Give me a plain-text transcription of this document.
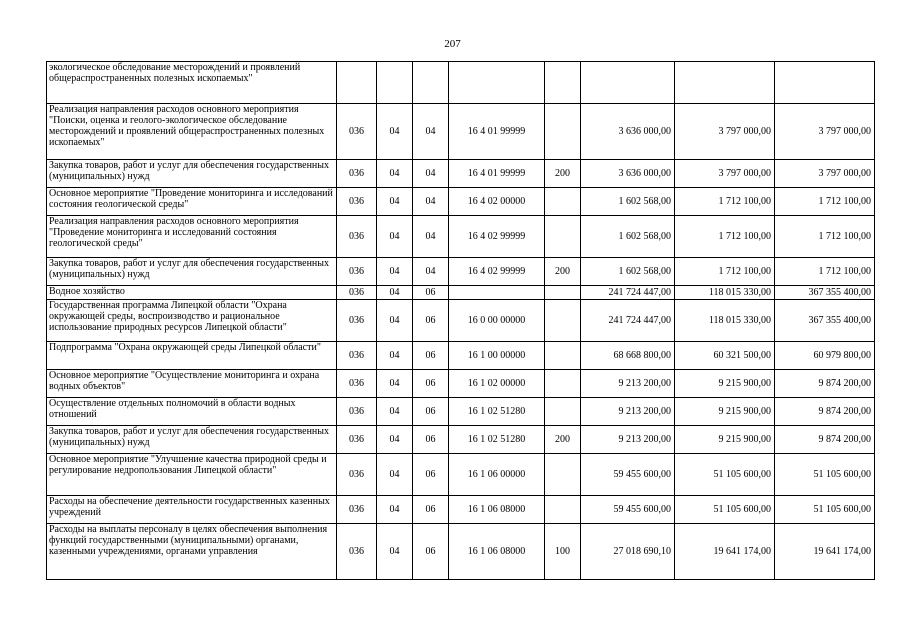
207
экологическое обследование месторождений и проявлений общераспространенных полезных ископаемых"								
Реализация направления расходов основного мероприятия "Поиски, оценка и геолого-экологическое обследование месторождений и проявлений общераспространенных полезных ископаемых"	036	04	04	16 4 01 99999		3 636 000,00	3 797 000,00	3 797 000,00
Закупка товаров, работ и услуг для обеспечения государственных (муниципальных) нужд	036	04	04	16 4 01 99999	200	3 636 000,00	3 797 000,00	3 797 000,00
Основное мероприятие "Проведение мониторинга и исследований состояния геологической среды"	036	04	04	16 4 02 00000		1 602 568,00	1 712 100,00	1 712 100,00
Реализация направления расходов основного мероприятия "Проведение мониторинга и исследований состояния геологической среды"	036	04	04	16 4 02 99999		1 602 568,00	1 712 100,00	1 712 100,00
Закупка товаров, работ и услуг для обеспечения государственных (муниципальных) нужд	036	04	04	16 4 02 99999	200	1 602 568,00	1 712 100,00	1 712 100,00
Водное хозяйство	036	04	06			241 724 447,00	118 015 330,00	367 355 400,00
Государственная программа Липецкой области "Охрана окружающей среды, воспроизводство и рациональное использование природных ресурсов Липецкой области"	036	04	06	16 0 00 00000		241 724 447,00	118 015 330,00	367 355 400,00
Подпрограмма "Охрана окружающей среды Липецкой области"	036	04	06	16 1 00 00000		68 668 800,00	60 321 500,00	60 979 800,00
Основное мероприятие "Осуществление мониторинга и охрана водных объектов"	036	04	06	16 1 02 00000		9 213 200,00	9 215 900,00	9 874 200,00
Осуществление отдельных полномочий в области водных отношений	036	04	06	16 1 02 51280		9 213 200,00	9 215 900,00	9 874 200,00
Закупка товаров, работ и услуг для обеспечения государственных (муниципальных) нужд	036	04	06	16 1 02 51280	200	9 213 200,00	9 215 900,00	9 874 200,00
Основное мероприятие "Улучшение качества природной среды и регулирование недропользования Липецкой области"	036	04	06	16 1 06 00000		59 455 600,00	51 105 600,00	51 105 600,00
Расходы на обеспечение деятельности государственных казенных учреждений	036	04	06	16 1 06 08000		59 455 600,00	51 105 600,00	51 105 600,00
Расходы на выплаты персоналу в целях обеспечения выполнения функций государственными (муниципальными) органами, казенными учреждениями, органами управления	036	04	06	16 1 06 08000	100	27 018 690,10	19 641 174,00	19 641 174,00
